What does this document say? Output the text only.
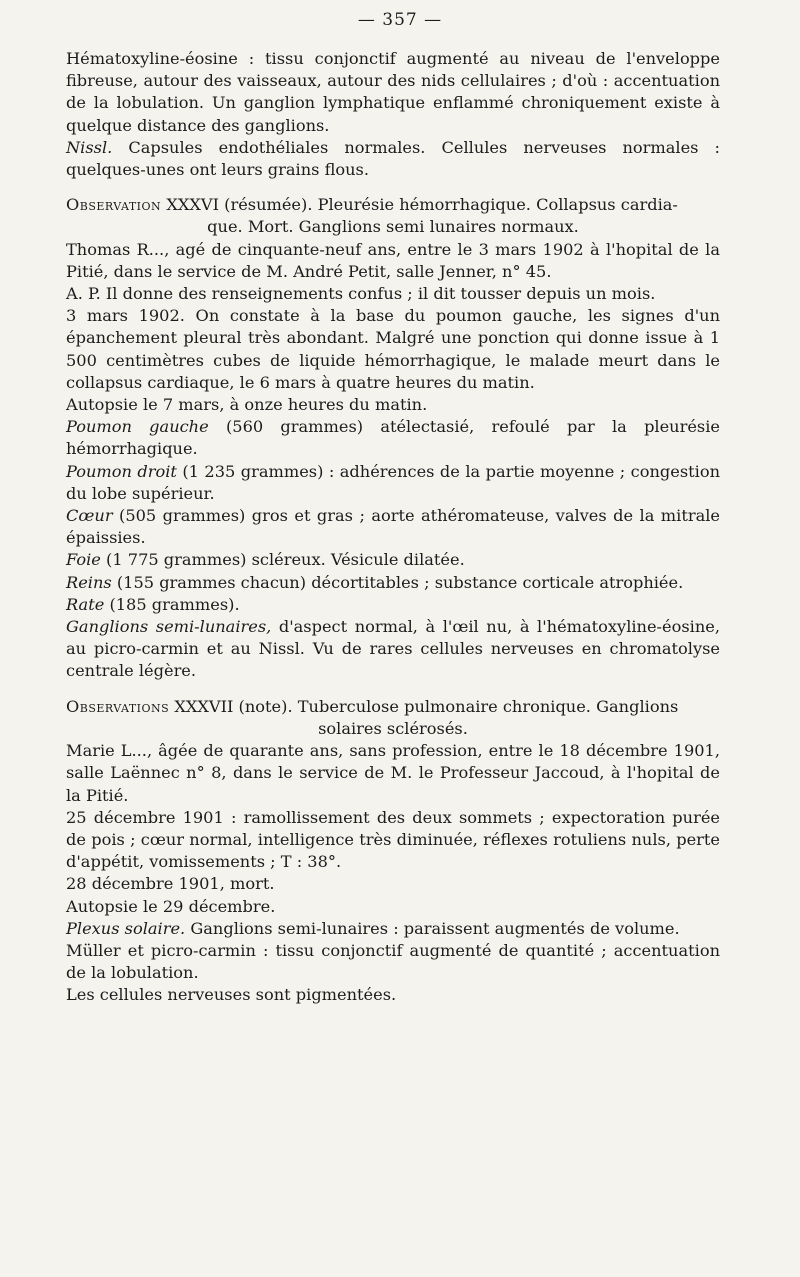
— 357 —

Hématoxyline-éosine : tissu conjonctif augmenté au niveau de l'enveloppe fibreuse, autour des vaisseaux, autour des nids cellulaires ; d'où : accentuation de la lobulation. Un ganglion lymphatique enflammé chroniquement existe à quelque distance des ganglions.

Nissl. Capsules endothéliales normales. Cellules nerveuses normales : quelques-unes ont leurs grains flous.

Observation XXXVI (résumée). Pleurésie hémorrhagique. Collapsus cardia-
que. Mort. Ganglions semi lunaires normaux.

Thomas R..., agé de cinquante-neuf ans, entre le 3 mars 1902 à l'hopital de la Pitié, dans le service de M. André Petit, salle Jenner, n° 45.

A. P. Il donne des renseignements confus ; il dit tousser depuis un mois.

3 mars 1902. On constate à la base du poumon gauche, les signes d'un épanchement pleural très abondant. Malgré une ponction qui donne issue à 1 500 centimètres cubes de liquide hémorrhagique, le malade meurt dans le collapsus cardiaque, le 6 mars à quatre heures du matin.

Autopsie le 7 mars, à onze heures du matin.

Poumon gauche (560 grammes) atélectasié, refoulé par la pleurésie hémorrhagique.

Poumon droit (1 235 grammes) : adhérences de la partie moyenne ; congestion du lobe supérieur.

Cœur (505 grammes) gros et gras ; aorte athéromateuse, valves de la mitrale épaissies.

Foie (1 775 grammes) scléreux. Vésicule dilatée.

Reins (155 grammes chacun) décortitables ; substance corticale atrophiée.

Rate (185 grammes).

Ganglions semi-lunaires, d'aspect normal, à l'œil nu, à l'hématoxyline-éosine, au picro-carmin et au Nissl. Vu de rares cellules nerveuses en chromatolyse centrale légère.

Observations XXXVII (note). Tuberculose pulmonaire chronique. Ganglions
solaires sclérosés.

Marie L..., âgée de quarante ans, sans profession, entre le 18 décembre 1901, salle Laënnec n° 8, dans le service de M. le Professeur Jaccoud, à l'hopital de la Pitié.

25 décembre 1901 : ramollissement des deux sommets ; expectoration purée de pois ; cœur normal, intelligence très diminuée, réflexes rotuliens nuls, perte d'appétit, vomissements ; T : 38°.

28 décembre 1901, mort.

Autopsie le 29 décembre.

Plexus solaire. Ganglions semi-lunaires : paraissent augmentés de volume.

Müller et picro-carmin : tissu conjonctif augmenté de quantité ; accentuation de la lobulation.

Les cellules nerveuses sont pigmentées.
